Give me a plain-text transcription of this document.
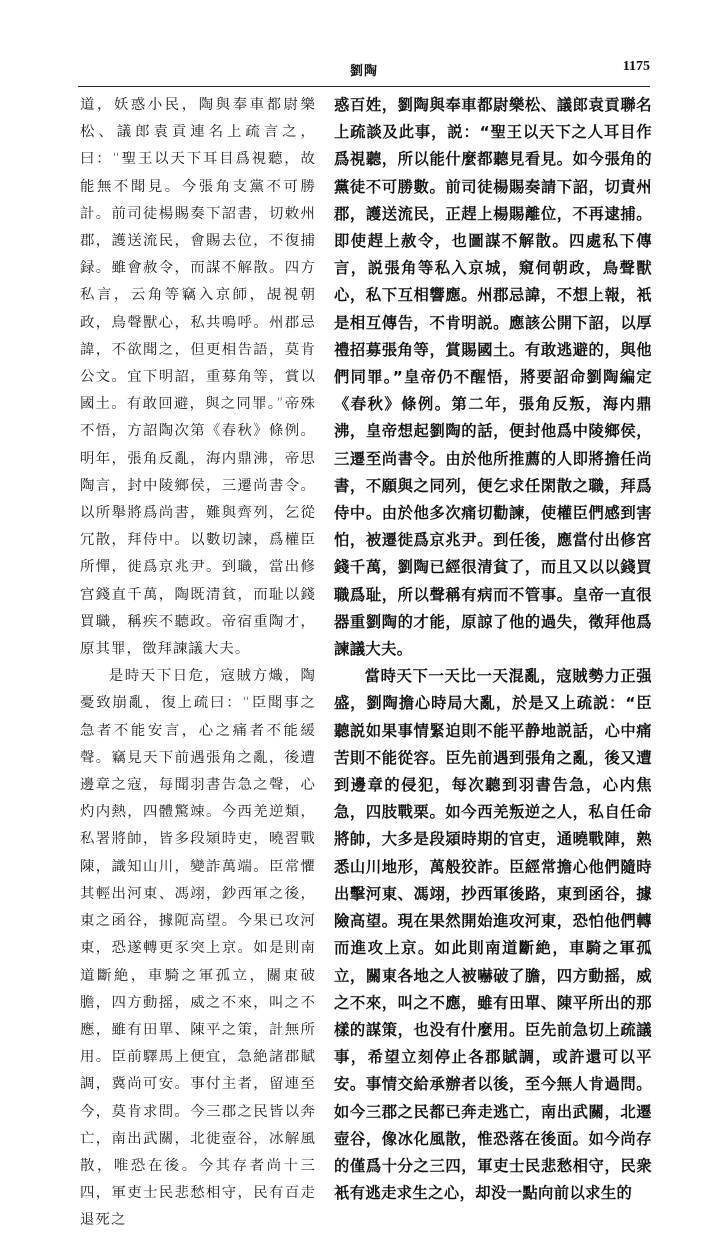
劉陶	1175

道，妖惑小民，陶與奉車都尉樂松、議郎袁貢連名上疏言之，曰：“聖王以天下耳目爲視聽，故能無不聞見。今張角支黨不可勝計。前司徒楊賜奏下詔書，切敕州郡，護送流民，會賜去位，不復捕録。雖會赦令，而謀不解散。四方私言，云角等竊入京師，覘視朝政，鳥聲獸心，私共鳴呼。州郡忌諱，不欲聞之，但更相告語，莫肯公文。宜下明詔，重募角等，賞以國土。有敢回避，與之同罪。”帝殊不悟，方詔陶次第《春秋》條例。明年，張角反亂，海内鼎沸，帝思陶言，封中陵鄉侯，三遷尚書令。以所舉將爲尚書，難與齊列，乞從冗散，拜侍中。以數切諫，爲權臣所憚，徙爲京兆尹。到職，當出修宫錢直千萬，陶既清貧，而耻以錢買職，稱疾不聽政。帝宿重陶才，原其罪，徵拜諫議大夫。

是時天下日危，寇賊方熾，陶憂致崩亂，復上疏曰：“臣聞事之急者不能安言，心之痛者不能緩聲。竊見天下前遇張角之亂，後遭邊章之寇，每聞羽書告急之聲，心灼内熱，四體驚竦。今西羌逆類，私署將帥，皆多段熲時吏，曉習戰陳，識知山川，變詐萬端。臣常懼其輕出河東、馮翊，鈔西軍之後，東之函谷，據阨高望。今果已攻河東，恐遂轉更豕突上京。如是則南道斷絶，車騎之軍孤立，關東破膽，四方動摇，威之不來，叫之不應，雖有田單、陳平之策，計無所用。臣前驛馬上便宜，急絶諸郡賦調，冀尚可安。事付主者，留連至今，莫肯求問。今三郡之民皆以奔亡，南出武關，北徙壺谷，冰解風散，唯恐在後。今其存者尚十三四，軍吏士民悲愁相守，民有百走退死之

惑百姓，劉陶與奉車都尉樂松、議郎袁貢聯名上疏談及此事，説：“聖王以天下之人耳目作爲視聽，所以能什麼都聽見看見。如今張角的黨徒不可勝數。前司徒楊賜奏請下詔，切責州郡，護送流民，正趕上楊賜離位，不再逮捕。即使趕上赦令，也圖謀不解散。四處私下傳言，説張角等私入京城，窺伺朝政，鳥聲獸心，私下互相響應。州郡忌諱，不想上報，衹是相互傳告，不肯明説。應該公開下詔，以厚禮招募張角等，賞賜國土。有敢逃避的，與他們同罪。”皇帝仍不醒悟，將要詔命劉陶編定《春秋》條例。第二年，張角反叛，海内鼎沸，皇帝想起劉陶的話，便封他爲中陵鄉侯，三遷至尚書令。由於他所推薦的人即將擔任尚書，不願與之同列，便乞求任閑散之職，拜爲侍中。由於他多次痛切勸諫，使權臣們感到害怕，被遷徙爲京兆尹。到任後，應當付出修宮錢千萬，劉陶已經很清貧了，而且又以以錢買職爲耻，所以聲稱有病而不管事。皇帝一直很器重劉陶的才能，原諒了他的過失，徵拜他爲諫議大夫。

當時天下一天比一天混亂，寇賊勢力正强盛，劉陶擔心時局大亂，於是又上疏説：“臣聽説如果事情緊迫則不能平静地説話，心中痛苦則不能從容。臣先前遇到張角之亂，後又遭到邊章的侵犯，每次聽到羽書告急，心内焦急，四肢戰栗。如今西羌叛逆之人，私自任命將帥，大多是段熲時期的官吏，通曉戰陣，熟悉山川地形，萬般狡詐。臣經常擔心他們隨時出擊河東、馮翊，抄西軍後路，東到函谷，據險高望。現在果然開始進攻河東，恐怕他們轉而進攻上京。如此則南道斷絶，車騎之軍孤立，關東各地之人被嚇破了膽，四方動摇，威之不來，叫之不應，雖有田單、陳平所出的那樣的謀策，也没有什麼用。臣先前急切上疏議事，希望立刻停止各郡賦調，或許還可以平安。事情交給承辦者以後，至今無人肯過問。如今三郡之民都已奔走逃亡，南出武關，北遷壺谷，像冰化風散，惟恐落在後面。如今尚存的僅爲十分之三四，軍吏士民悲愁相守，民衆衹有逃走求生之心，却没一點向前以求生的
